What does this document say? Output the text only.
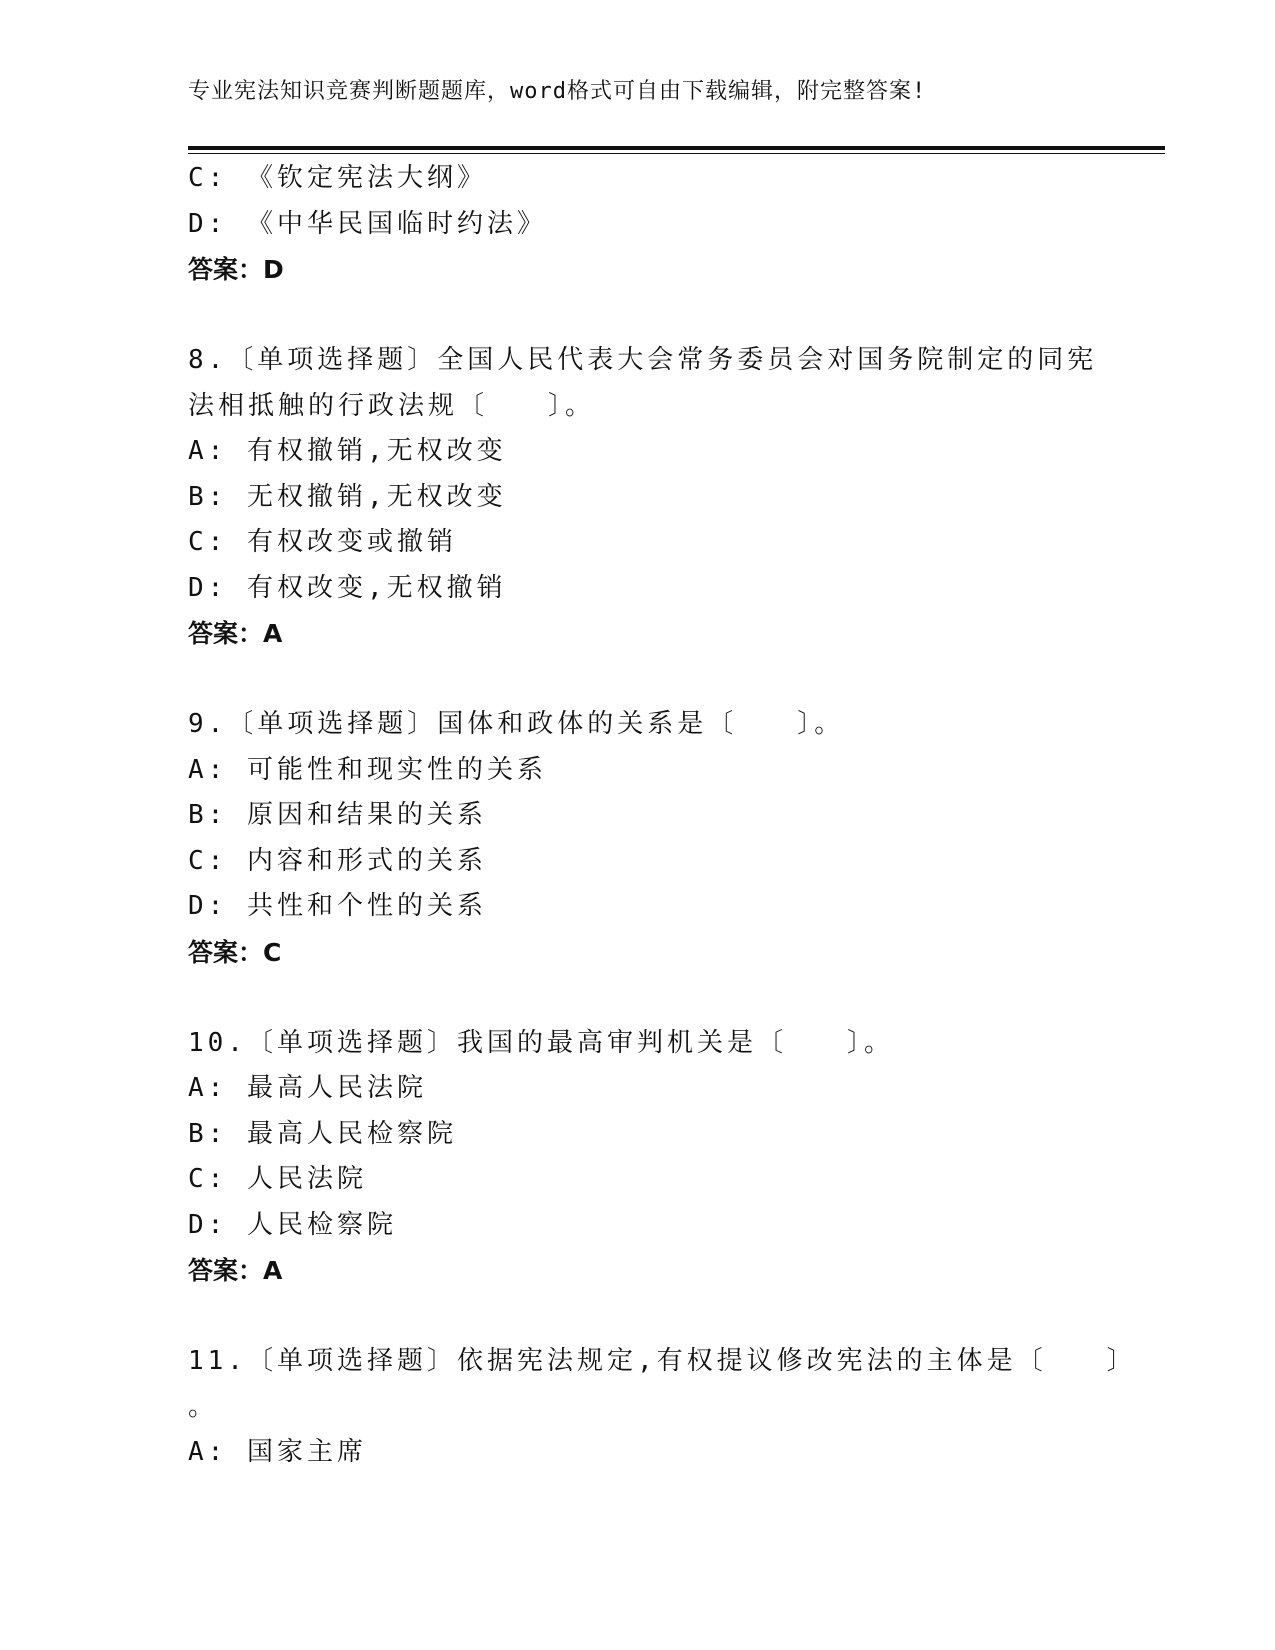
专业宪法知识竞赛判断题题库，word格式可自由下载编辑，附完整答案!
C: 《钦定宪法大纲》
D: 《中华民国临时约法》
答案：D
8.〔单项选择题〕全国人民代表大会常务委员会对国务院制定的同宪
法相抵触的行政法规〔　　〕。
A: 有权撤销,无权改变
B: 无权撤销,无权改变
C: 有权改变或撤销
D: 有权改变,无权撤销
答案：A
9.〔单项选择题〕国体和政体的关系是〔　　〕。
A: 可能性和现实性的关系
B: 原因和结果的关系
C: 内容和形式的关系
D: 共性和个性的关系
答案：C
10.〔单项选择题〕我国的最高审判机关是〔　　〕。
A: 最高人民法院
B: 最高人民检察院
C: 人民法院
D: 人民检察院
答案：A
11.〔单项选择题〕依据宪法规定,有权提议修改宪法的主体是〔　　〕
。
A: 国家主席
